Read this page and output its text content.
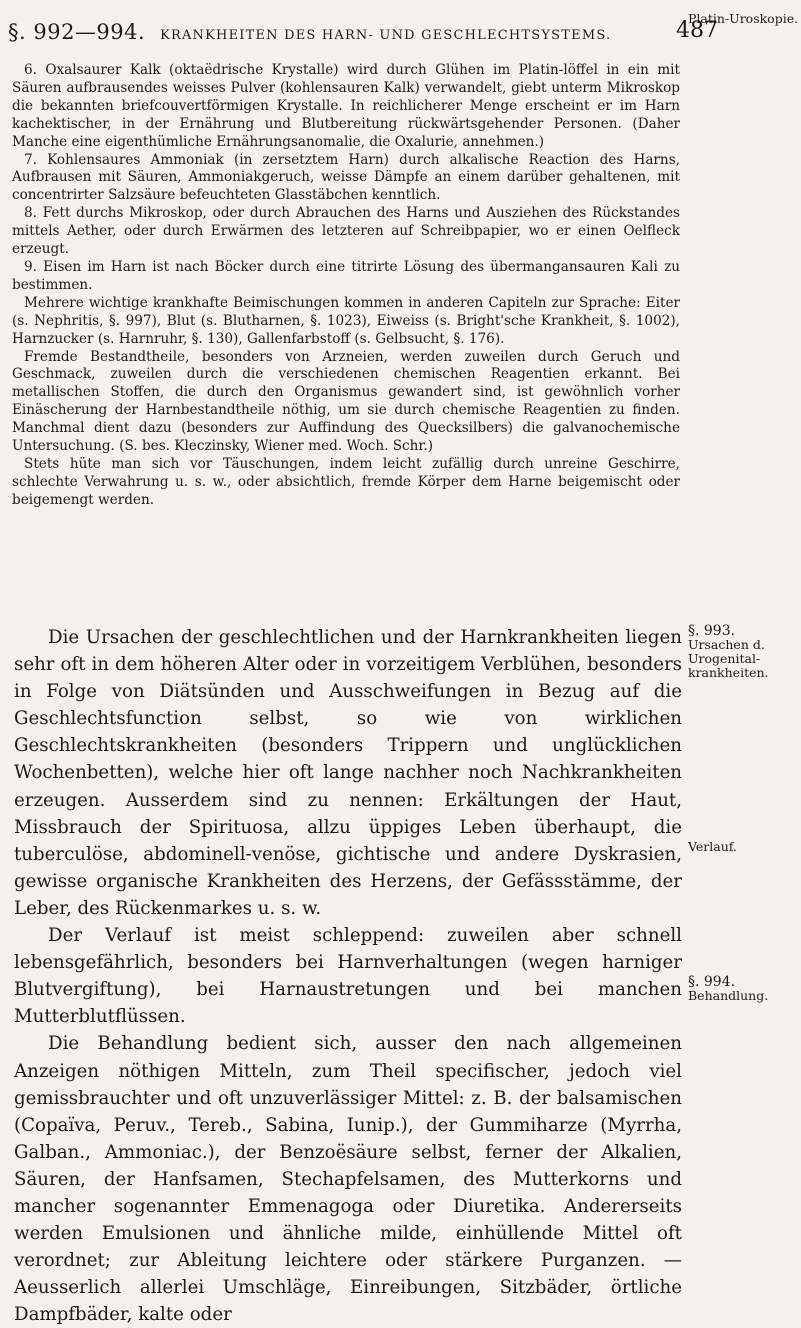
§. 992—994. KRANKHEITEN DES HARN- UND GESCHLECHTSYSTEMS.	487
Platin-Uroskopie.

6. Oxalsaurer Kalk (oktaëdrische Krystalle) wird durch Glühen im Platin-löffel in ein mit Säuren aufbrausendes weisses Pulver (kohlensauren Kalk) verwandelt, giebt unterm Mikroskop die bekannten briefcouvertförmigen Krystalle. In reichlicherer Menge erscheint er im Harn kachektischer, in der Ernährung und Blutbereitung rückwärtsgehender Personen. (Daher Manche eine eigenthümliche Ernährungsanomalie, die Oxalurie, annehmen.)

7. Kohlensaures Ammoniak (in zersetztem Harn) durch alkalische Reaction des Harns, Aufbrausen mit Säuren, Ammoniakgeruch, weisse Dämpfe an einem darüber gehaltenen, mit concentrirter Salzsäure befeuchteten Glasstäbchen kenntlich.

8. Fett durchs Mikroskop, oder durch Abrauchen des Harns und Ausziehen des Rückstandes mittels Aether, oder durch Erwärmen des letzteren auf Schreibpapier, wo er einen Oelfleck erzeugt.

9. Eisen im Harn ist nach Böcker durch eine titrirte Lösung des übermangansauren Kali zu bestimmen.

Mehrere wichtige krankhafte Beimischungen kommen in anderen Capiteln zur Sprache: Eiter (s. Nephritis, §. 997), Blut (s. Blutharnen, §. 1023), Eiweiss (s. Bright'sche Krankheit, §. 1002), Harnzucker (s. Harnruhr, §. 130), Gallenfarbstoff (s. Gelbsucht, §. 176).

Fremde Bestandtheile, besonders von Arzneien, werden zuweilen durch Geruch und Geschmack, zuweilen durch die verschiedenen chemischen Reagentien erkannt. Bei metallischen Stoffen, die durch den Organismus gewandert sind, ist gewöhnlich vorher Einäscherung der Harnbestandtheile nöthig, um sie durch chemische Reagentien zu finden. Manchmal dient dazu (besonders zur Auffindung des Quecksilbers) die galvanochemische Untersuchung. (S. bes. Kleczinsky, Wiener med. Woch. Schr.)

Stets hüte man sich vor Täuschungen, indem leicht zufällig durch unreine Geschirre, schlechte Verwahrung u. s. w., oder absichtlich, fremde Körper dem Harne beigemischt oder beigemengt werden.

Die Ursachen der geschlechtlichen und der Harnkrankheiten liegen sehr oft in dem höheren Alter oder in vorzeitigem Verblühen, besonders in Folge von Diätsünden und Ausschweifungen in Bezug auf die Geschlechtsfunction selbst, so wie von wirklichen Geschlechtskrankheiten (besonders Trippern und unglücklichen Wochenbetten), welche hier oft lange nachher noch Nachkrankheiten erzeugen. Ausserdem sind zu nennen: Erkältungen der Haut, Missbrauch der Spirituosa, allzu üppiges Leben überhaupt, die tuberculöse, abdominell-venöse, gichtische und andere Dyskrasien, gewisse organische Krankheiten des Herzens, der Gefässstämme, der Leber, des Rückenmarkes u. s. w.

Der Verlauf ist meist schleppend: zuweilen aber schnell lebensgefährlich, besonders bei Harnverhaltungen (wegen harniger Blutvergiftung), bei Harnaustretungen und bei manchen Mutterblutflüssen.

Die Behandlung bedient sich, ausser den nach allgemeinen Anzeigen nöthigen Mitteln, zum Theil specifischer, jedoch viel gemissbrauchter und oft unzuverlässiger Mittel: z. B. der balsamischen (Copaïva, Peruv., Tereb., Sabina, Iunip.), der Gummiharze (Myrrha, Galban., Ammoniac.), der Benzoësäure selbst, ferner der Alkalien, Säuren, der Hanfsamen, Stechapfelsamen, des Mutterkorns und mancher sogenannter Emmenagoga oder Diuretika. Andererseits werden Emulsionen und ähnliche milde, einhüllende Mittel oft verordnet; zur Ableitung leichtere oder stärkere Purganzen. — Aeusserlich allerlei Umschläge, Einreibungen, Sitzbäder, örtliche Dampfbäder, kalte oder

§. 993.
Ursachen d.
Urogenital-
krankheiten.
Verlauf.
§. 994.
Behandlung.
